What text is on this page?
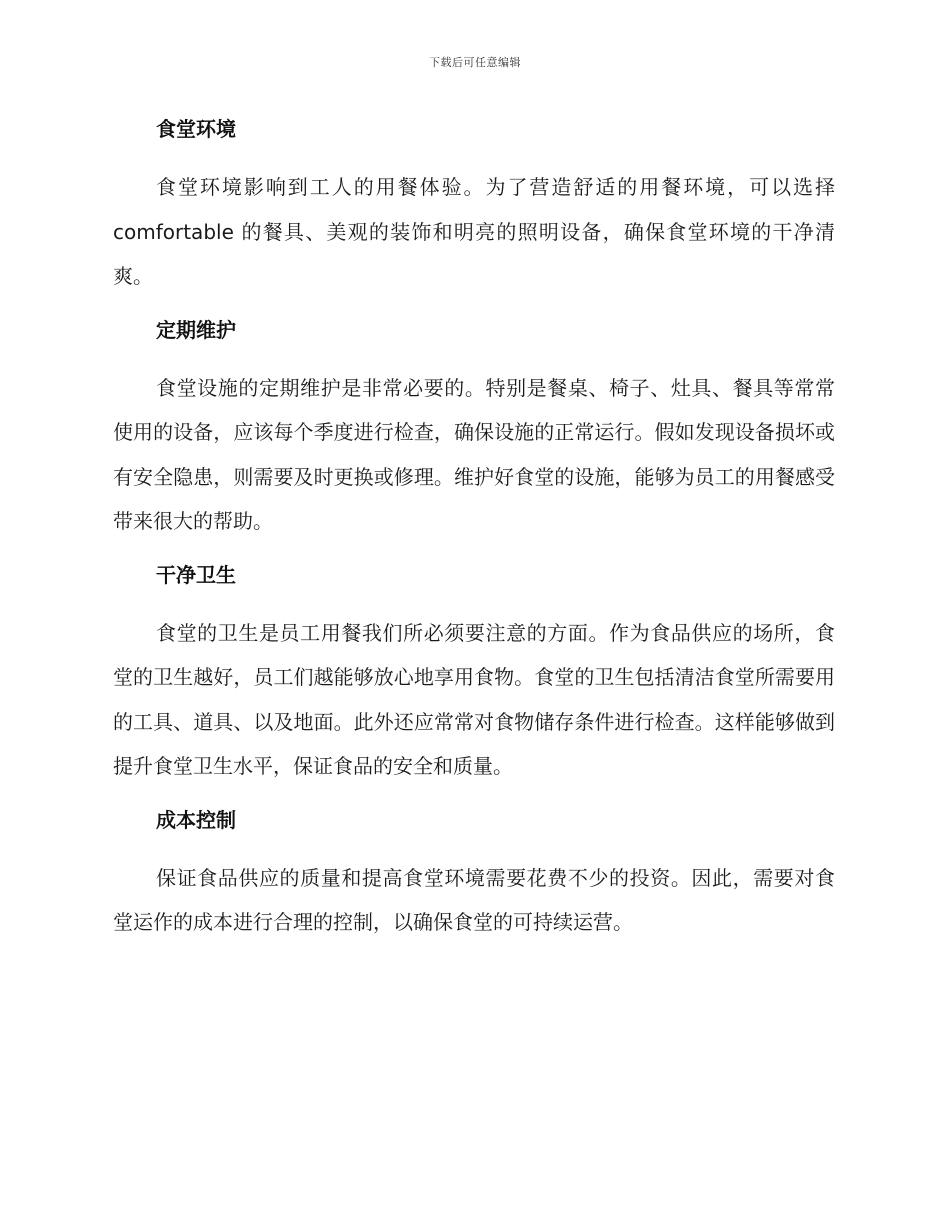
下载后可任意编辑
食堂环境

食堂环境影响到工人的用餐体验。为了营造舒适的用餐环境，可以选择comfortable 的餐具、美观的装饰和明亮的照明设备，确保食堂环境的干净清爽。

定期维护

食堂设施的定期维护是非常必要的。特别是餐桌、椅子、灶具、餐具等常常使用的设备，应该每个季度进行检查，确保设施的正常运行。假如发现设备损坏或有安全隐患，则需要及时更换或修理。维护好食堂的设施，能够为员工的用餐感受带来很大的帮助。

干净卫生

食堂的卫生是员工用餐我们所必须要注意的方面。作为食品供应的场所，食堂的卫生越好，员工们越能够放心地享用食物。食堂的卫生包括清洁食堂所需要用的工具、道具、以及地面。此外还应常常对食物储存条件进行检查。这样能够做到提升食堂卫生水平，保证食品的安全和质量。

成本控制

保证食品供应的质量和提高食堂环境需要花费不少的投资。因此，需要对食堂运作的成本进行合理的控制，以确保食堂的可持续运营。
